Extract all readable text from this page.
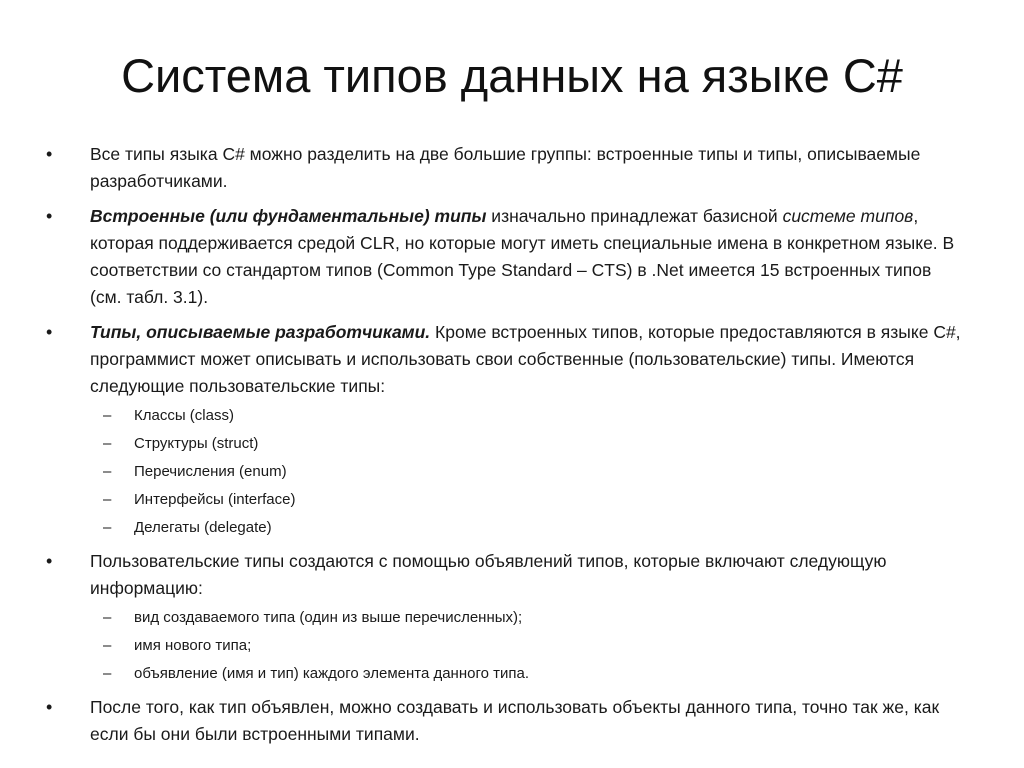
Система типов данных на языке C#
•	Все типы языка C# можно разделить на две большие группы: встроенные типы и типы, описываемые разработчиками.
•	Встроенные (или фундаментальные) типы изначально принадлежат базисной системе типов, которая поддерживается средой CLR, но которые могут иметь специальные имена в конкретном языке. В соответствии со стандартом типов (Common Type Standard – CTS) в .Net имеется 15 встроенных типов (см. табл. 3.1).
•	Типы, описываемые разработчиками. Кроме встроенных типов, которые предоставляются в языке C#, программист может описывать и использовать свои собственные (пользовательские) типы. Имеются следующие пользовательские типы:
– Классы (class)
– Структуры (struct)
– Перечисления (enum)
– Интерфейсы (interface)
– Делегаты (delegate)
•	Пользовательские типы создаются с помощью объявлений типов, которые включают следующую информацию:
– вид создаваемого типа (один из выше перечисленных);
– имя нового типа;
– объявление (имя и тип) каждого элемента данного типа.
•	После того, как тип объявлен, можно создавать и использовать объекты данного типа, точно так же, как если бы они были встроенными типами.
